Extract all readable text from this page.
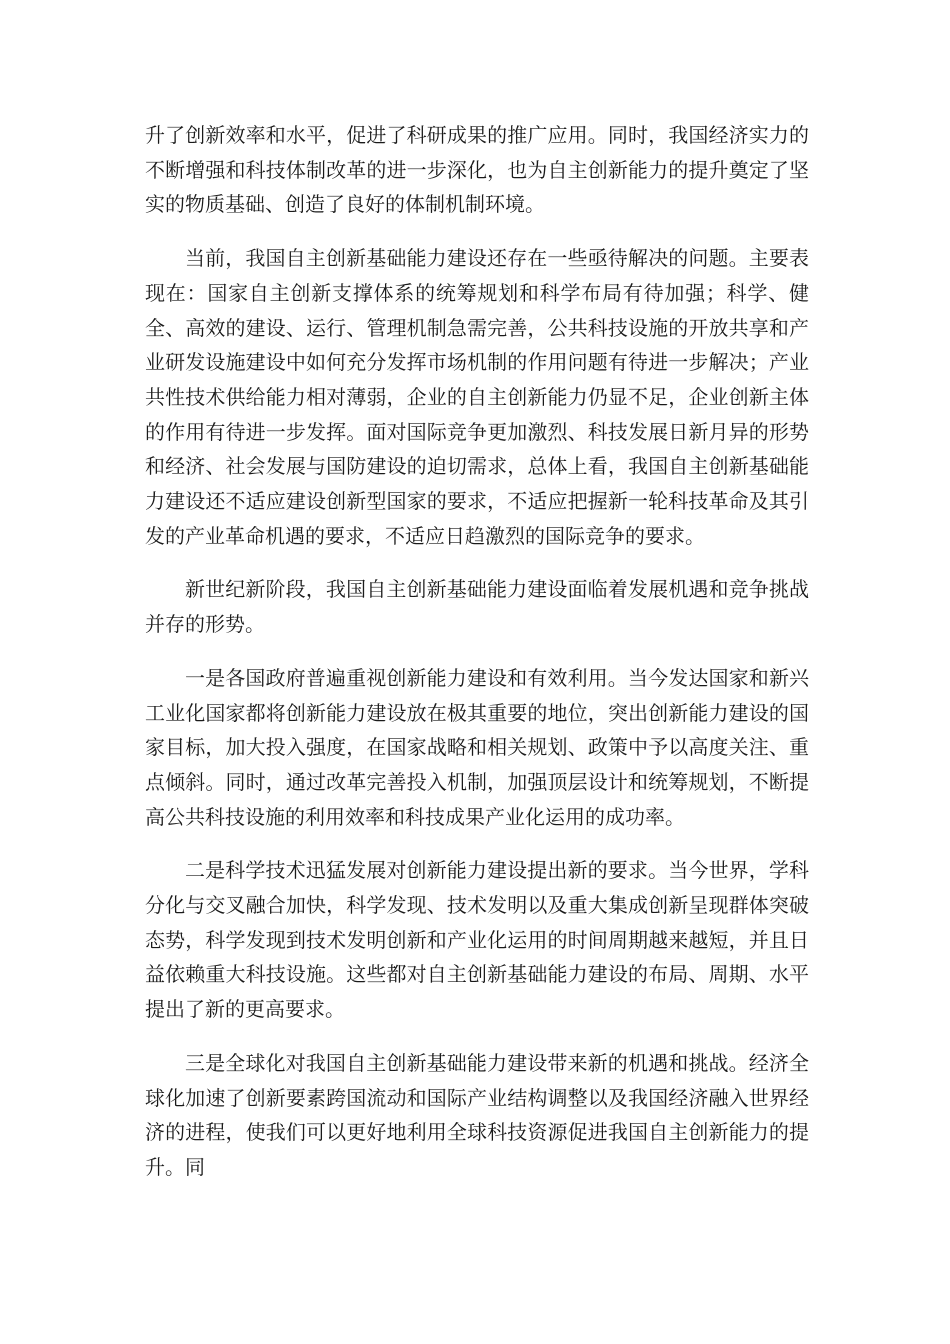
升了创新效率和水平，促进了科研成果的推广应用。同时，我国经济实力的不断增强和科技体制改革的进一步深化，也为自主创新能力的提升奠定了坚实的物质基础、创造了良好的体制机制环境。

当前，我国自主创新基础能力建设还存在一些亟待解决的问题。主要表现在：国家自主创新支撑体系的统筹规划和科学布局有待加强；科学、健全、高效的建设、运行、管理机制急需完善，公共科技设施的开放共享和产业研发设施建设中如何充分发挥市场机制的作用问题有待进一步解决；产业共性技术供给能力相对薄弱，企业的自主创新能力仍显不足，企业创新主体的作用有待进一步发挥。面对国际竞争更加激烈、科技发展日新月异的形势和经济、社会发展与国防建设的迫切需求，总体上看，我国自主创新基础能力建设还不适应建设创新型国家的要求，不适应把握新一轮科技革命及其引发的产业革命机遇的要求，不适应日趋激烈的国际竞争的要求。

新世纪新阶段，我国自主创新基础能力建设面临着发展机遇和竞争挑战并存的形势。

一是各国政府普遍重视创新能力建设和有效利用。当今发达国家和新兴工业化国家都将创新能力建设放在极其重要的地位，突出创新能力建设的国家目标，加大投入强度，在国家战略和相关规划、政策中予以高度关注、重点倾斜。同时，通过改革完善投入机制，加强顶层设计和统筹规划，不断提高公共科技设施的利用效率和科技成果产业化运用的成功率。

二是科学技术迅猛发展对创新能力建设提出新的要求。当今世界，学科分化与交叉融合加快，科学发现、技术发明以及重大集成创新呈现群体突破态势，科学发现到技术发明创新和产业化运用的时间周期越来越短，并且日益依赖重大科技设施。这些都对自主创新基础能力建设的布局、周期、水平提出了新的更高要求。

三是全球化对我国自主创新基础能力建设带来新的机遇和挑战。经济全球化加速了创新要素跨国流动和国际产业结构调整以及我国经济融入世界经济的进程，使我们可以更好地利用全球科技资源促进我国自主创新能力的提升。同
